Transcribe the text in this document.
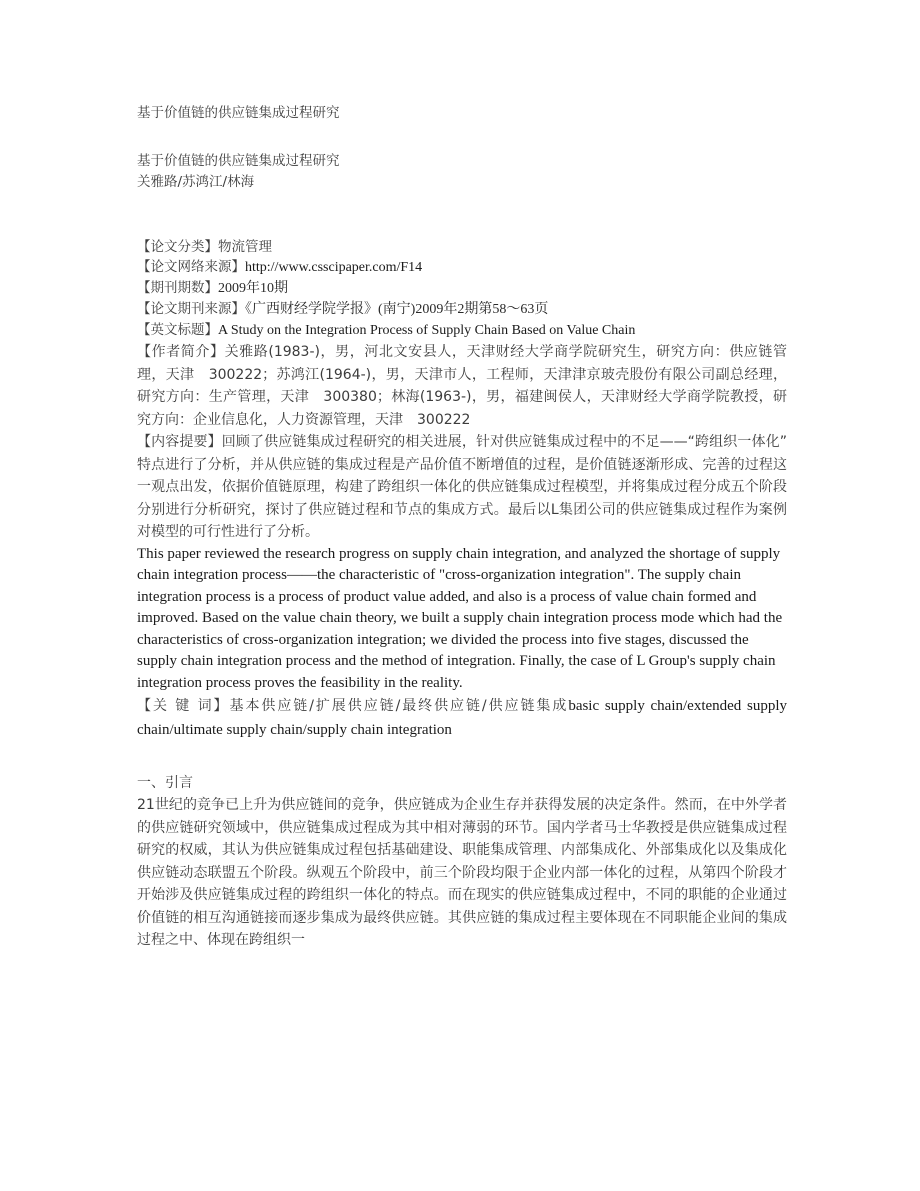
基于价值链的供应链集成过程研究
基于价值链的供应链集成过程研究
关雅路/苏鸿江/林海
【论文分类】物流管理
【论文网络来源】http://www.csscipaper.com/F14
【期刊期数】2009年10期
【论文期刊来源】《广西财经学院学报》(南宁)2009年2期第58～63页
【英文标题】A Study on the Integration Process of Supply Chain Based on Value Chain

【作者简介】关雅路(1983-)，男，河北文安县人，天津财经大学商学院研究生，研究方向：供应链管理，天津　300222；苏鸿江(1964-)，男，天津市人，工程师，天津津京玻壳股份有限公司副总经理，研究方向：生产管理，天津　300380；林海(1963-)，男，福建闽侯人，天津财经大学商学院教授，研究方向：企业信息化，人力资源管理，天津　300222

【内容提要】回顾了供应链集成过程研究的相关进展，针对供应链集成过程中的不足——“跨组织一体化”特点进行了分析，并从供应链的集成过程是产品价值不断增值的过程，是价值链逐渐形成、完善的过程这一观点出发，依据价值链原理，构建了跨组织一体化的供应链集成过程模型，并将集成过程分成五个阶段分别进行分析研究，探讨了供应链过程和节点的集成方式。最后以L集团公司的供应链集成过程作为案例对模型的可行性进行了分析。

This paper reviewed the research progress on supply chain integration, and analyzed the shortage of supply chain integration process——the characteristic of "cross-organization integration". The supply chain integration process is a process of product value added, and also is a process of value chain formed and improved. Based on the value chain theory, we built a supply chain integration process mode which had the characteristics of cross-organization integration; we divided the process into five stages, discussed the supply chain integration process and the method of integration. Finally, the case of L Group's supply chain integration process proves the feasibility in the reality.

【关 键 词】基本供应链/扩展供应链/最终供应链/供应链集成basic supply chain/extended supply chain/ultimate supply chain/supply chain integration

一、引言

21世纪的竞争已上升为供应链间的竞争，供应链成为企业生存并获得发展的决定条件。然而，在中外学者的供应链研究领域中，供应链集成过程成为其中相对薄弱的环节。国内学者马士华教授是供应链集成过程研究的权威，其认为供应链集成过程包括基础建设、职能集成管理、内部集成化、外部集成化以及集成化供应链动态联盟五个阶段。纵观五个阶段中，前三个阶段均限于企业内部一体化的过程，从第四个阶段才开始涉及供应链集成过程的跨组织一体化的特点。而在现实的供应链集成过程中，不同的职能的企业通过价值链的相互沟通链接而逐步集成为最终供应链。其供应链的集成过程主要体现在不同职能企业间的集成过程之中、体现在跨组织一
